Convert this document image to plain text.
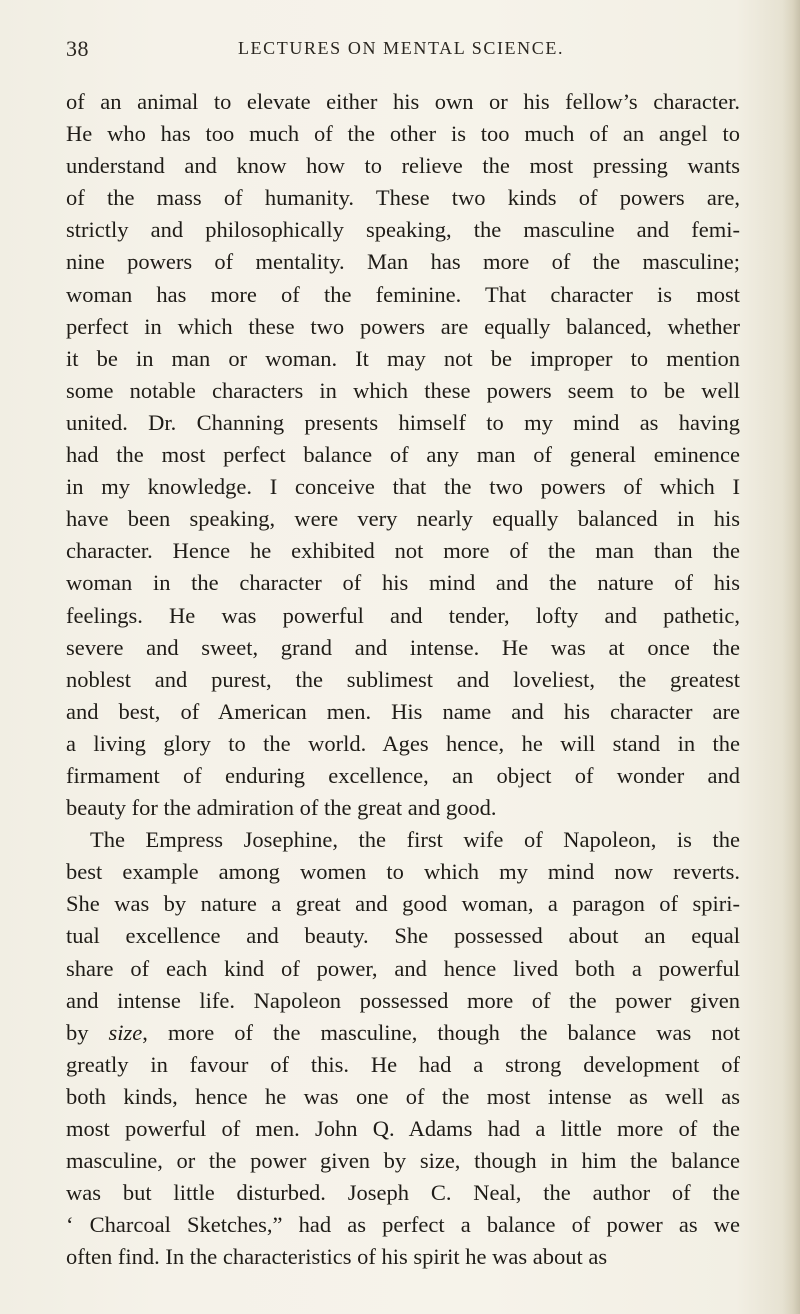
38	LECTURES ON MENTAL SCIENCE.
of an animal to elevate either his own or his fellow’s character.
He who has too much of the other is too much of an angel to
understand and know how to relieve the most pressing wants
of the mass of humanity. These two kinds of powers are,
strictly and philosophically speaking, the masculine and femi-
nine powers of mentality. Man has more of the masculine;
woman has more of the feminine. That character is most
perfect in which these two powers are equally balanced, whether
it be in man or woman. It may not be improper to mention
some notable characters in which these powers seem to be well
united. Dr. Channing presents himself to my mind as having
had the most perfect balance of any man of general eminence
in my knowledge. I conceive that the two powers of which I
have been speaking, were very nearly equally balanced in his
character. Hence he exhibited not more of the man than the
woman in the character of his mind and the nature of his
feelings. He was powerful and tender, lofty and pathetic,
severe and sweet, grand and intense. He was at once the
noblest and purest, the sublimest and loveliest, the greatest
and best, of American men. His name and his character are
a living glory to the world. Ages hence, he will stand in the
firmament of enduring excellence, an object of wonder and
beauty for the admiration of the great and good.
The Empress Josephine, the first wife of Napoleon, is the
best example among women to which my mind now reverts.
She was by nature a great and good woman, a paragon of spiri-
tual excellence and beauty. She possessed about an equal
share of each kind of power, and hence lived both a powerful
and intense life. Napoleon possessed more of the power given
by size, more of the masculine, though the balance was not
greatly in favour of this. He had a strong development of
both kinds, hence he was one of the most intense as well as
most powerful of men. John Q. Adams had a little more of the
masculine, or the power given by size, though in him the balance
was but little disturbed. Joseph C. Neal, the author of the
‘ Charcoal Sketches,” had as perfect a balance of power as we
often find. In the characteristics of his spirit he was about as
